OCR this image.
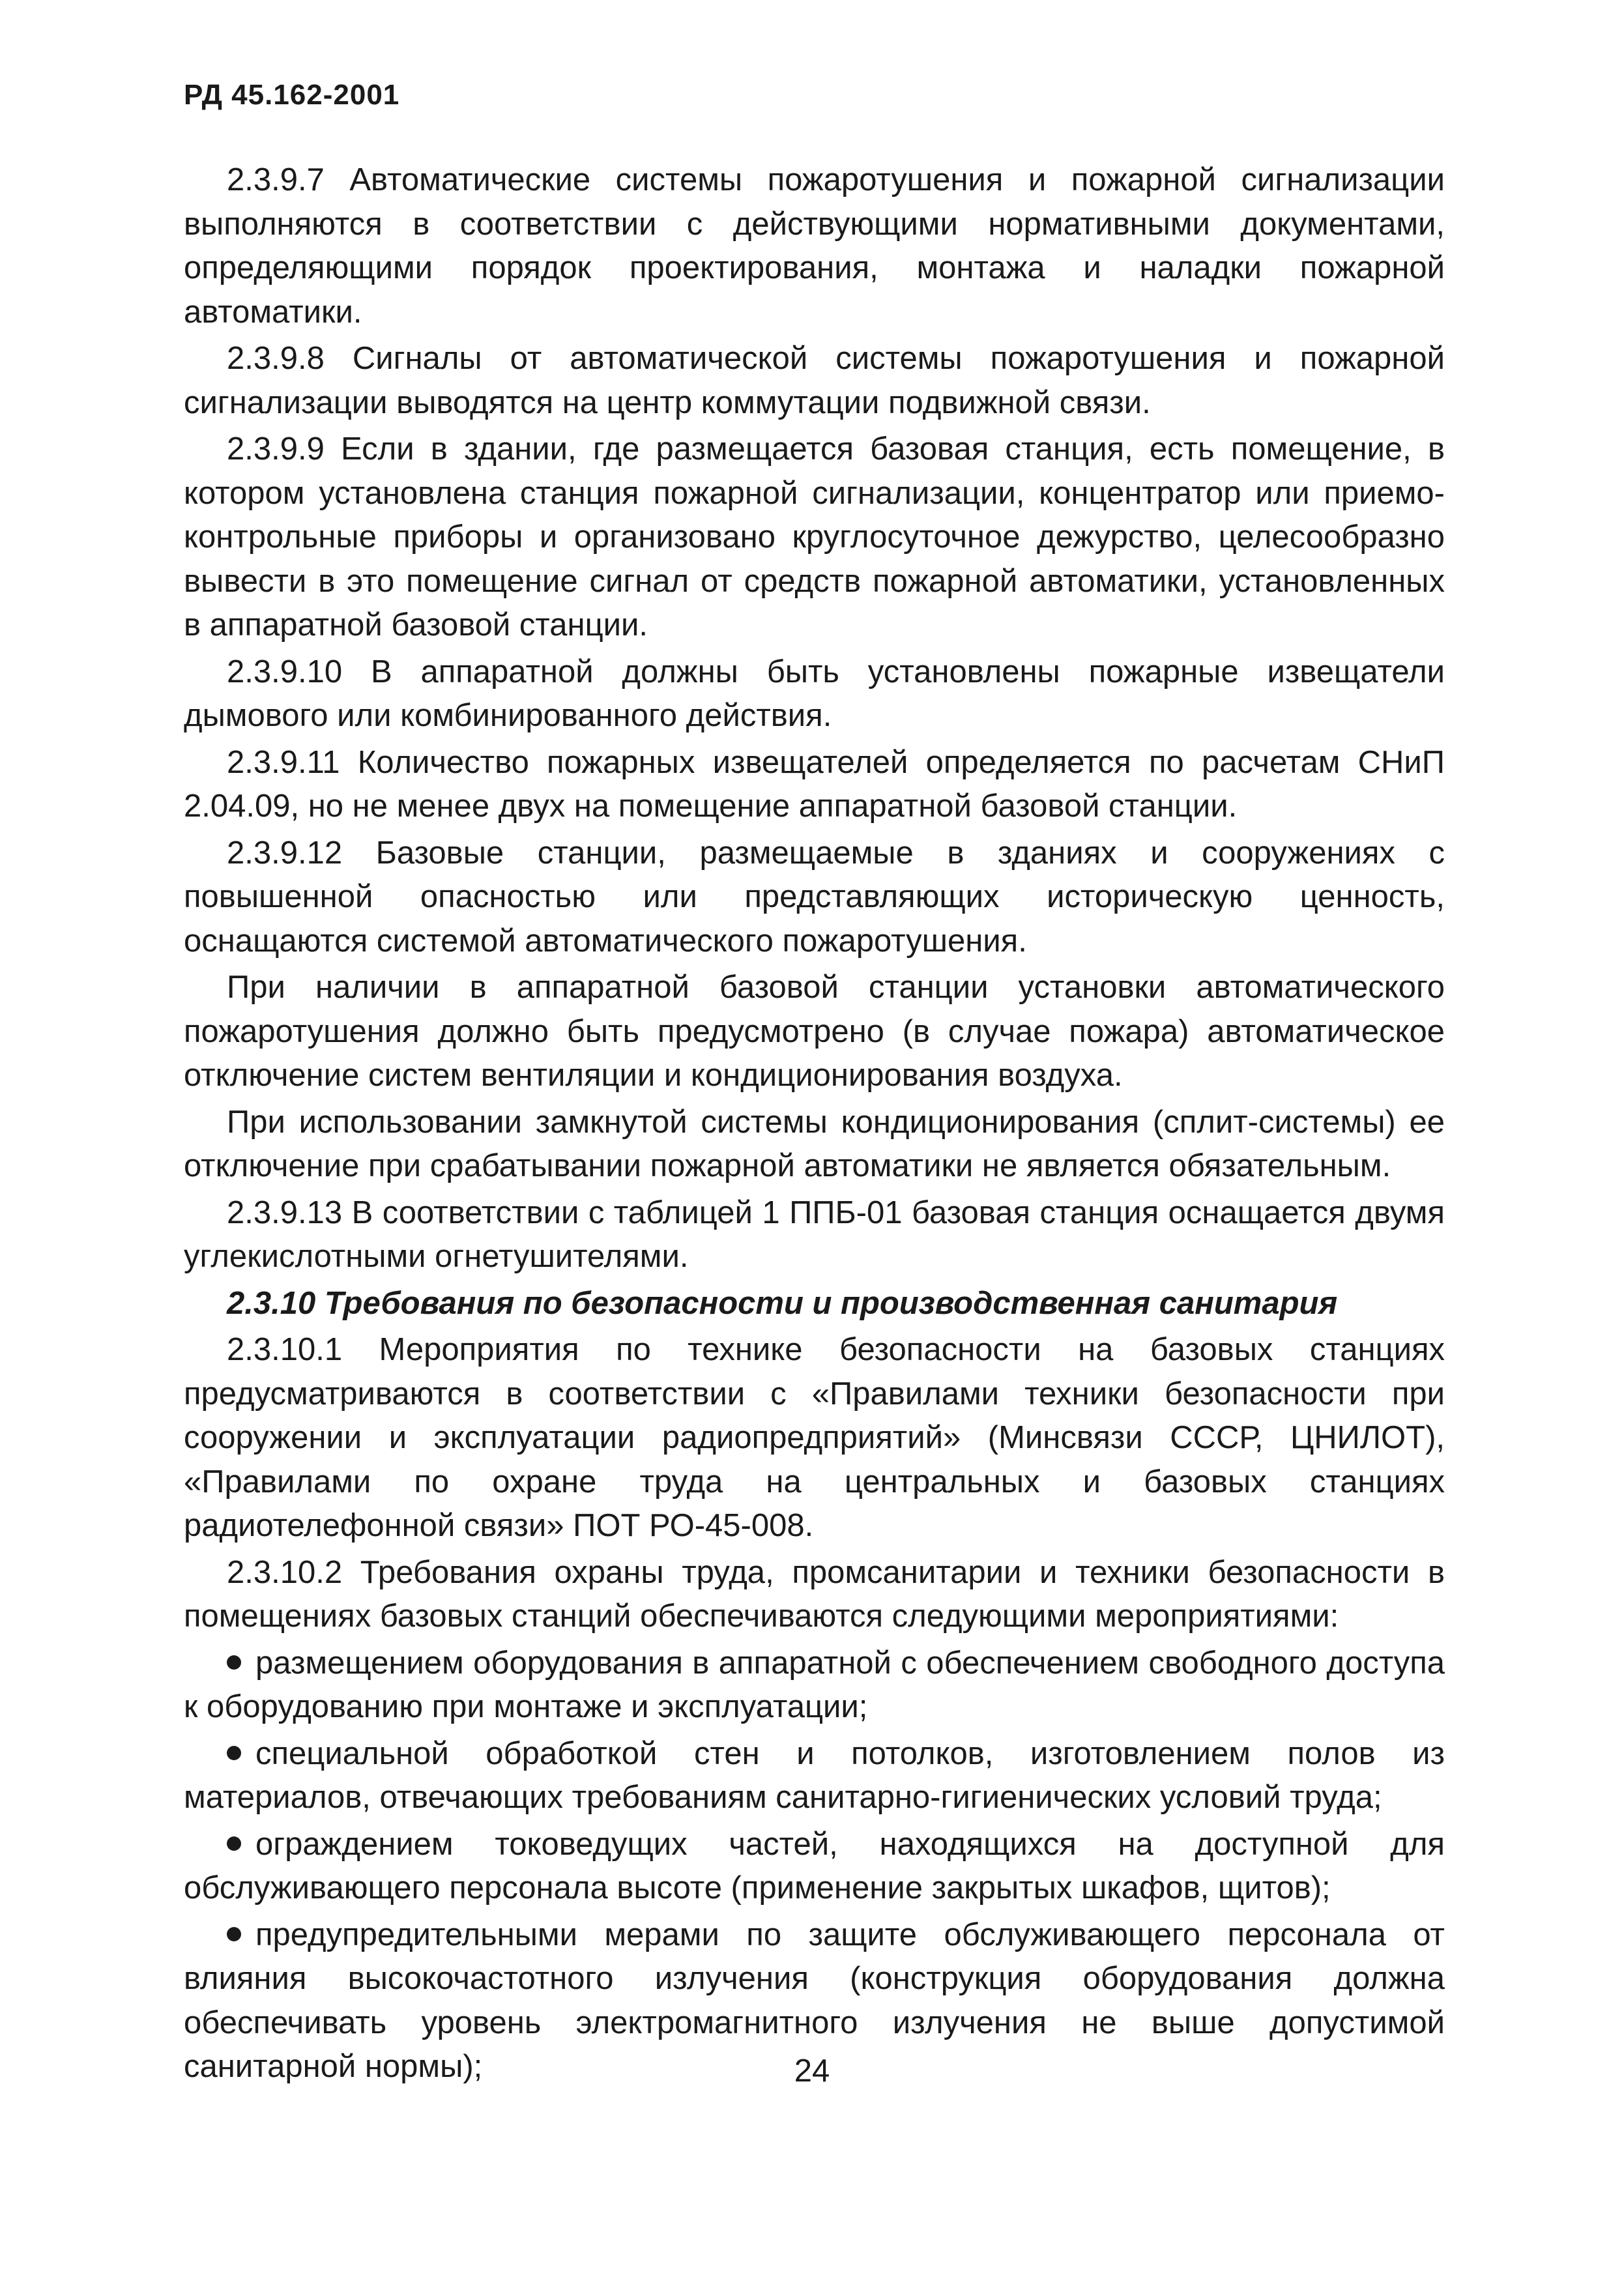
РД 45.162-2001

2.3.9.7 Автоматические системы пожаротушения и пожарной сигнализации выполняются в соответствии с действующими нормативными документами, определяющими порядок проектирования, монтажа и наладки пожарной автоматики.

2.3.9.8 Сигналы от автоматической системы пожаротушения и пожарной сигнализации выводятся на центр коммутации подвижной связи.

2.3.9.9 Если в здании, где размещается базовая станция, есть помещение, в котором установлена станция пожарной сигнализации, концентратор или приемо-контрольные приборы и организовано круглосуточное дежурство, целесообразно вывести в это помещение сигнал от средств пожарной автоматики, установленных в аппаратной базовой станции.

2.3.9.10 В аппаратной должны быть установлены пожарные извещатели дымового или комбинированного действия.

2.3.9.11 Количество пожарных извещателей определяется по расчетам СНиП 2.04.09, но не менее двух на помещение аппаратной базовой станции.

2.3.9.12 Базовые станции, размещаемые в зданиях и сооружениях с повышенной опасностью или представляющих историческую ценность, оснащаются системой автоматического пожаротушения.

При наличии в аппаратной базовой станции установки автоматического пожаротушения должно быть предусмотрено (в случае пожара) автоматическое отключение систем вентиляции и кондиционирования воздуха.

При использовании замкнутой системы кондиционирования (сплит-системы) ее отключение при срабатывании пожарной автоматики не является обязательным.

2.3.9.13 В соответствии с таблицей 1 ППБ-01 базовая станция оснащается двумя углекислотными огнетушителями.

2.3.10 Требования по безопасности и производственная санитария

2.3.10.1 Мероприятия по технике безопасности на базовых станциях предусматриваются в соответствии с «Правилами техники безопасности при сооружении и эксплуатации радиопредприятий» (Минсвязи СССР, ЦНИЛОТ), «Правилами по охране труда на центральных и базовых станциях радиотелефонной связи» ПОТ РО-45-008.

2.3.10.2 Требования охраны труда, промсанитарии и техники безопасности в помещениях базовых станций обеспечиваются следующими мероприятиями:

размещением оборудования в аппаратной с обеспечением свободного доступа к оборудованию при монтаже и эксплуатации;

специальной обработкой стен и потолков, изготовлением полов из материалов, отвечающих требованиям санитарно-гигиенических условий труда;

ограждением токоведущих частей, находящихся на доступной для обслуживающего персонала высоте (применение закрытых шкафов, щитов);

предупредительными мерами по защите обслуживающего персонала от влияния высокочастотного излучения (конструкция оборудования должна обеспечивать уровень электромагнитного излучения не выше допустимой санитарной нормы);	24
